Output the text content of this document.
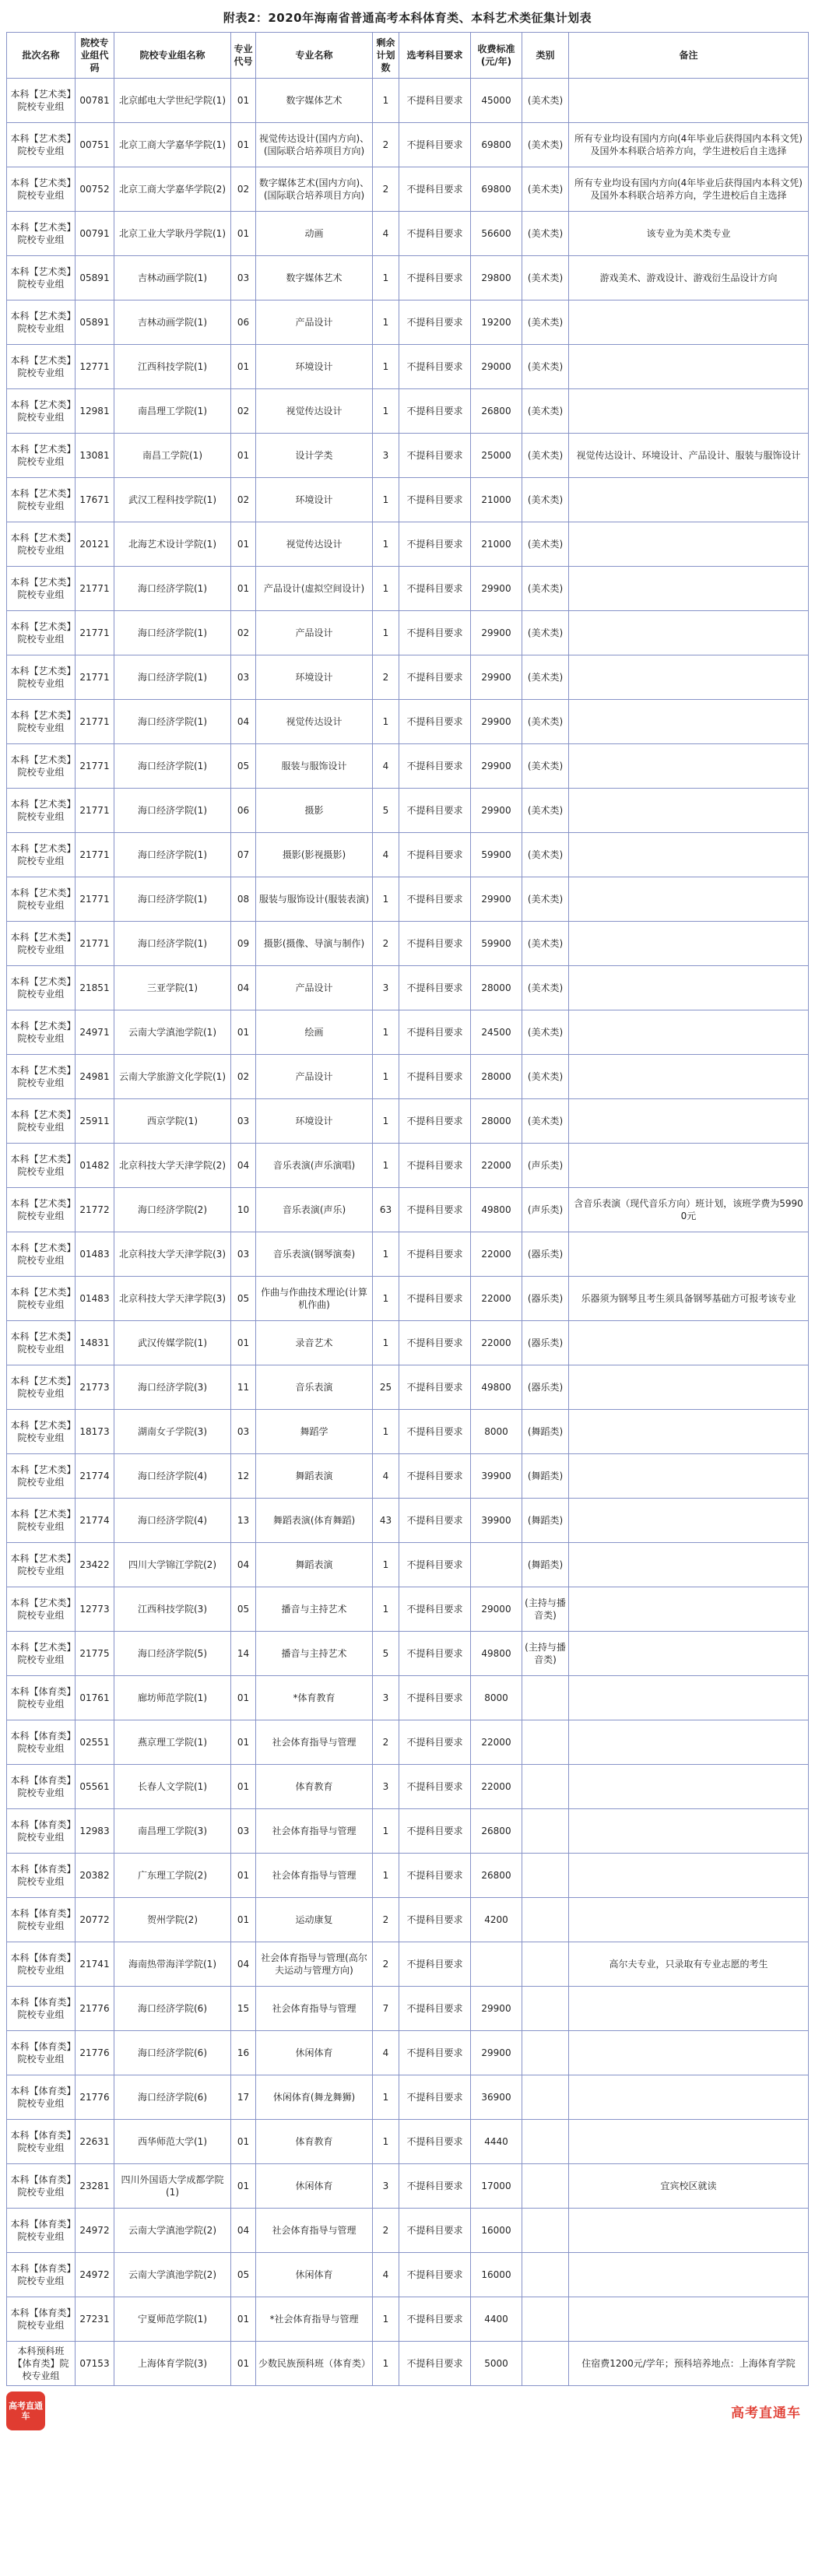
附表2：2020年海南省普通高考本科体育类、本科艺术类征集计划表
批次名称	院校专业组代码	院校专业组名称	专业代号	专业名称	剩余计划数	选考科目要求	收费标准(元/年)	类别	备注
本科【艺术类】院校专业组	00781	北京邮电大学世纪学院(1)	01	数字媒体艺术	1	不提科目要求	45000	(美术类)	
本科【艺术类】院校专业组	00751	北京工商大学嘉华学院(1)	01	视觉传达设计(国内方向)、(国际联合培养项目方向)	2	不提科目要求	69800	(美术类)	所有专业均设有国内方向(4年毕业后获得国内本科文凭)及国外本科联合培养方向，学生进校后自主选择
本科【艺术类】院校专业组	00752	北京工商大学嘉华学院(2)	02	数字媒体艺术(国内方向)、(国际联合培养项目方向)	2	不提科目要求	69800	(美术类)	所有专业均设有国内方向(4年毕业后获得国内本科文凭)及国外本科联合培养方向，学生进校后自主选择
本科【艺术类】院校专业组	00791	北京工业大学耿丹学院(1)	01	动画	4	不提科目要求	56600	(美术类)	该专业为美术类专业
本科【艺术类】院校专业组	05891	吉林动画学院(1)	03	数字媒体艺术	1	不提科目要求	29800	(美术类)	游戏美术、游戏设计、游戏衍生品设计方向
本科【艺术类】院校专业组	05891	吉林动画学院(1)	06	产品设计	1	不提科目要求	19200	(美术类)	
本科【艺术类】院校专业组	12771	江西科技学院(1)	01	环境设计	1	不提科目要求	29000	(美术类)	
本科【艺术类】院校专业组	12981	南昌理工学院(1)	02	视觉传达设计	1	不提科目要求	26800	(美术类)	
本科【艺术类】院校专业组	13081	南昌工学院(1)	01	设计学类	3	不提科目要求	25000	(美术类)	视觉传达设计、环境设计、产品设计、服装与服饰设计
本科【艺术类】院校专业组	17671	武汉工程科技学院(1)	02	环境设计	1	不提科目要求	21000	(美术类)	
本科【艺术类】院校专业组	20121	北海艺术设计学院(1)	01	视觉传达设计	1	不提科目要求	21000	(美术类)	
本科【艺术类】院校专业组	21771	海口经济学院(1)	01	产品设计(虚拟空间设计)	1	不提科目要求	29900	(美术类)	
本科【艺术类】院校专业组	21771	海口经济学院(1)	02	产品设计	1	不提科目要求	29900	(美术类)	
本科【艺术类】院校专业组	21771	海口经济学院(1)	03	环境设计	2	不提科目要求	29900	(美术类)	
本科【艺术类】院校专业组	21771	海口经济学院(1)	04	视觉传达设计	1	不提科目要求	29900	(美术类)	
本科【艺术类】院校专业组	21771	海口经济学院(1)	05	服装与服饰设计	4	不提科目要求	29900	(美术类)	
本科【艺术类】院校专业组	21771	海口经济学院(1)	06	摄影	5	不提科目要求	29900	(美术类)	
本科【艺术类】院校专业组	21771	海口经济学院(1)	07	摄影(影视摄影)	4	不提科目要求	59900	(美术类)	
本科【艺术类】院校专业组	21771	海口经济学院(1)	08	服装与服饰设计(服装表演)	1	不提科目要求	29900	(美术类)	
本科【艺术类】院校专业组	21771	海口经济学院(1)	09	摄影(摄像、导演与制作)	2	不提科目要求	59900	(美术类)	
本科【艺术类】院校专业组	21851	三亚学院(1)	04	产品设计	3	不提科目要求	28000	(美术类)	
本科【艺术类】院校专业组	24971	云南大学滇池学院(1)	01	绘画	1	不提科目要求	24500	(美术类)	
本科【艺术类】院校专业组	24981	云南大学旅游文化学院(1)	02	产品设计	1	不提科目要求	28000	(美术类)	
本科【艺术类】院校专业组	25911	西京学院(1)	03	环境设计	1	不提科目要求	28000	(美术类)	
本科【艺术类】院校专业组	01482	北京科技大学天津学院(2)	04	音乐表演(声乐演唱)	1	不提科目要求	22000	(声乐类)	
本科【艺术类】院校专业组	21772	海口经济学院(2)	10	音乐表演(声乐)	63	不提科目要求	49800	(声乐类)	含音乐表演（现代音乐方向）班计划，该班学费为59900元
本科【艺术类】院校专业组	01483	北京科技大学天津学院(3)	03	音乐表演(钢琴演奏)	1	不提科目要求	22000	(器乐类)	
本科【艺术类】院校专业组	01483	北京科技大学天津学院(3)	05	作曲与作曲技术理论(计算机作曲)	1	不提科目要求	22000	(器乐类)	乐器须为钢琴且考生须具备钢琴基础方可报考该专业
本科【艺术类】院校专业组	14831	武汉传媒学院(1)	01	录音艺术	1	不提科目要求	22000	(器乐类)	
本科【艺术类】院校专业组	21773	海口经济学院(3)	11	音乐表演	25	不提科目要求	49800	(器乐类)	
本科【艺术类】院校专业组	18173	湖南女子学院(3)	03	舞蹈学	1	不提科目要求	8000	(舞蹈类)	
本科【艺术类】院校专业组	21774	海口经济学院(4)	12	舞蹈表演	4	不提科目要求	39900	(舞蹈类)	
本科【艺术类】院校专业组	21774	海口经济学院(4)	13	舞蹈表演(体育舞蹈)	43	不提科目要求	39900	(舞蹈类)	
本科【艺术类】院校专业组	23422	四川大学锦江学院(2)	04	舞蹈表演	1	不提科目要求		(舞蹈类)	
本科【艺术类】院校专业组	12773	江西科技学院(3)	05	播音与主持艺术	1	不提科目要求	29000	(主持与播音类)	
本科【艺术类】院校专业组	21775	海口经济学院(5)	14	播音与主持艺术	5	不提科目要求	49800	(主持与播音类)	
本科【体育类】院校专业组	01761	廊坊师范学院(1)	01	*体育教育	3	不提科目要求	8000		
本科【体育类】院校专业组	02551	燕京理工学院(1)	01	社会体育指导与管理	2	不提科目要求	22000		
本科【体育类】院校专业组	05561	长春人文学院(1)	01	体育教育	3	不提科目要求	22000		
本科【体育类】院校专业组	12983	南昌理工学院(3)	03	社会体育指导与管理	1	不提科目要求	26800		
本科【体育类】院校专业组	20382	广东理工学院(2)	01	社会体育指导与管理	1	不提科目要求	26800		
本科【体育类】院校专业组	20772	贺州学院(2)	01	运动康复	2	不提科目要求	4200		
本科【体育类】院校专业组	21741	海南热带海洋学院(1)	04	社会体育指导与管理(高尔夫运动与管理方向)	2	不提科目要求			高尔夫专业，只录取有专业志愿的考生
本科【体育类】院校专业组	21776	海口经济学院(6)	15	社会体育指导与管理	7	不提科目要求	29900		
本科【体育类】院校专业组	21776	海口经济学院(6)	16	休闲体育	4	不提科目要求	29900		
本科【体育类】院校专业组	21776	海口经济学院(6)	17	休闲体育(舞龙舞狮)	1	不提科目要求	36900		
本科【体育类】院校专业组	22631	西华师范大学(1)	01	体育教育	1	不提科目要求	4440		
本科【体育类】院校专业组	23281	四川外国语大学成都学院(1)	01	休闲体育	3	不提科目要求	17000		宜宾校区就读
本科【体育类】院校专业组	24972	云南大学滇池学院(2)	04	社会体育指导与管理	2	不提科目要求	16000		
本科【体育类】院校专业组	24972	云南大学滇池学院(2)	05	休闲体育	4	不提科目要求	16000		
本科【体育类】院校专业组	27231	宁夏师范学院(1)	01	*社会体育指导与管理	1	不提科目要求	4400		
本科预科班【体育类】院校专业组	07153	上海体育学院(3)	01	少数民族预科班（体育类）	1	不提科目要求	5000		住宿费1200元/学年；预科培养地点：上海体育学院
高考直通车	高考直通车
